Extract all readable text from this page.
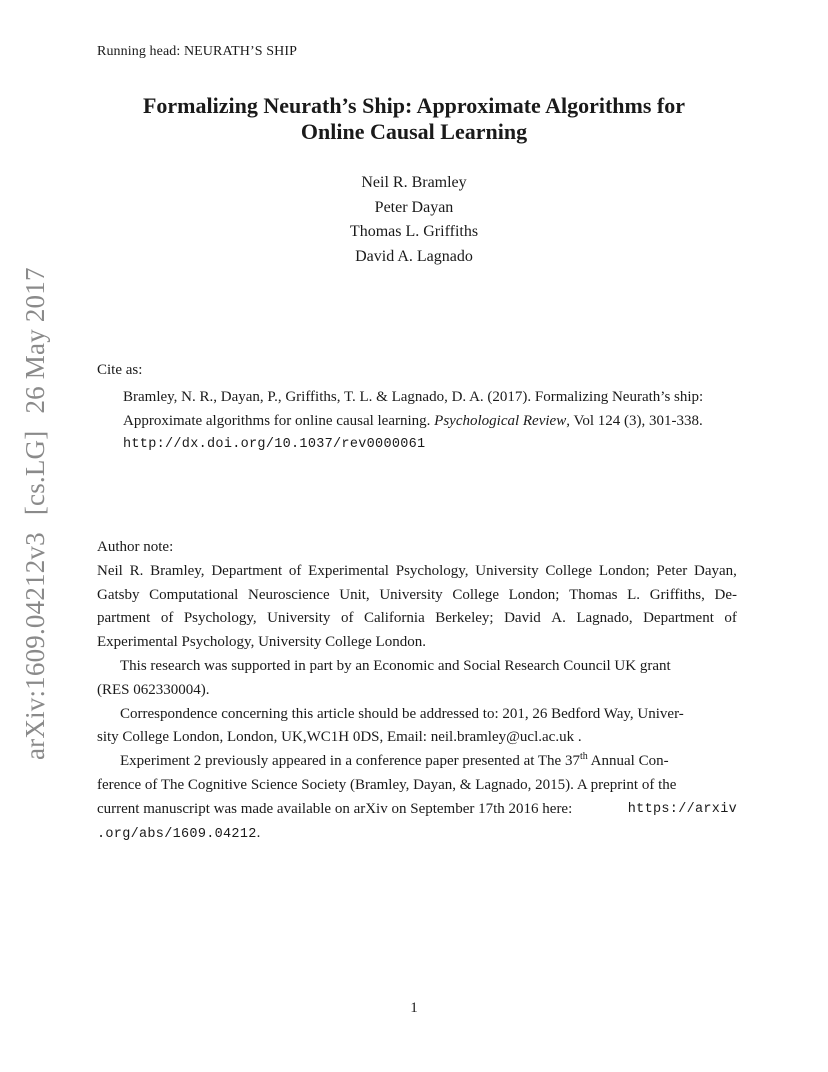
Running head: NEURATH’S SHIP
Formalizing Neurath’s Ship: Approximate Algorithms for
Online Causal Learning
Neil R. Bramley
Peter Dayan
Thomas L. Griffiths
David A. Lagnado
Cite as:
Bramley, N. R., Dayan, P., Griffiths, T. L. & Lagnado, D. A. (2017). Formalizing Neurath’s ship:
Approximate algorithms for online causal learning. Psychological Review, Vol 124 (3), 301-338.
http://dx.doi.org/10.1037/rev0000061
Author note:
Neil R. Bramley, Department of Experimental Psychology, University College London; Peter Dayan,
Gatsby Computational Neuroscience Unit, University College London; Thomas L. Griffiths, De-
partment of Psychology, University of California Berkeley; David A. Lagnado, Department of
Experimental Psychology, University College London.
This research was supported in part by an Economic and Social Research Council UK grant
(RES 062330004).
Correspondence concerning this article should be addressed to: 201, 26 Bedford Way, Univer-
sity College London, London, UK,WC1H 0DS, Email: neil.bramley@ucl.ac.uk .
Experiment 2 previously appeared in a conference paper presented at The 37th Annual Con-
ference of The Cognitive Science Society (Bramley, Dayan, & Lagnado, 2015). A preprint of the
current manuscript was made available on arXiv on September 17th 2016 here:	https://arxiv
.org/abs/1609.04212.
1
arXiv:1609.04212v3[cs.LG]26 May 2017
